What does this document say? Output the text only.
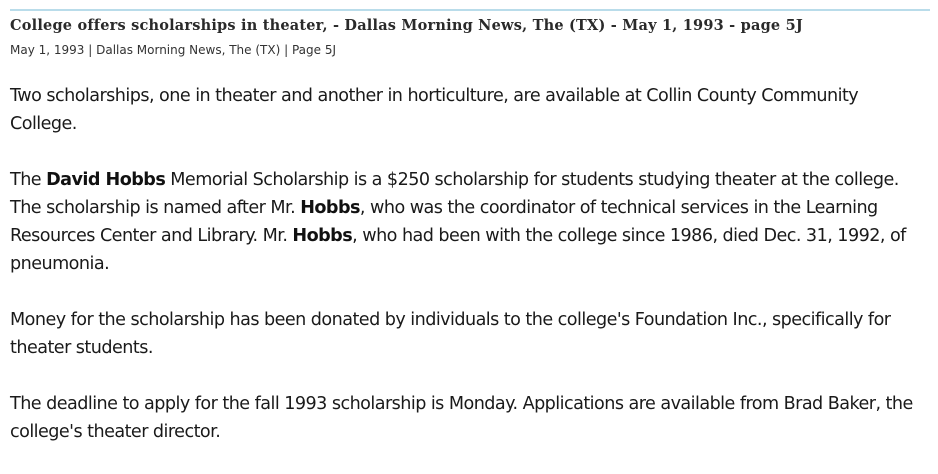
College offers scholarships in theater, - Dallas Morning News, The (TX) - May 1, 1993 - page 5J
May 1, 1993 | Dallas Morning News, The (TX) | Page 5J

Two scholarships, one in theater and another in horticulture, are available at Collin County Community College.

The David Hobbs Memorial Scholarship is a $250 scholarship for students studying theater at the college. The scholarship is named after Mr. Hobbs, who was the coordinator of technical services in the Learning Resources Center and Library. Mr. Hobbs, who had been with the college since 1986, died Dec. 31, 1992, of pneumonia.

Money for the scholarship has been donated by individuals to the college's Foundation Inc., specifically for theater students.

The deadline to apply for the fall 1993 scholarship is Monday. Applications are available from Brad Baker, the college's theater director.
